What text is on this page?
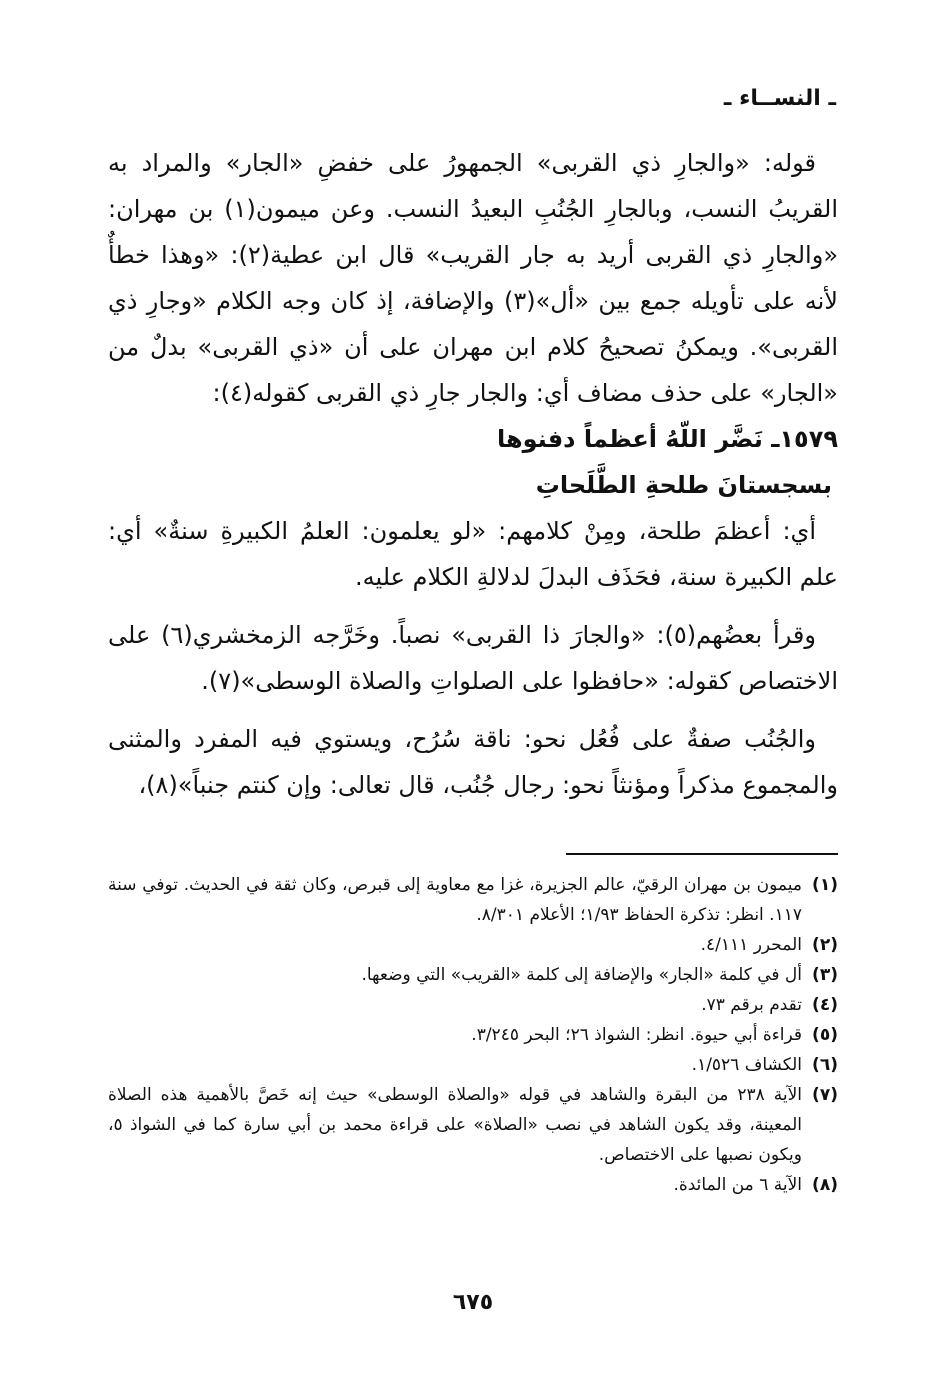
ـ النســاء ـ

قوله: «والجارِ ذي القربى» الجمهورُ على خفضِ «الجار» والمراد به القريبُ النسب، وبالجارِ الجُنُبِ البعيدُ النسب. وعن ميمون(١) بن مهران: «والجارِ ذي القربى أريد به جار القريب» قال ابن عطية(٢): «وهذا خطأٌ لأنه على تأويله جمع بين «أل»(٣) والإضافة، إذ كان وجه الكلام «وجارِ ذي القربى». ويمكنُ تصحيحُ كلام ابن مهران على أن «ذي القربى» بدلٌ من «الجار» على حذف مضاف أي: والجار جارِ ذي القربى كقوله(٤):

١٥٧٩ـ نَضَّر اللّهُ أعظماً دفنوها

بسجستانَ طلحةِ الطَّلَحاتِ

أي: أعظمَ طلحة، ومِنْ كلامهم: «لو يعلمون: العلمُ الكبيرةِ سنةٌ» أي: علم الكبيرة سنة، فحَذَف البدلَ لدلالةِ الكلام عليه.

وقرأ بعضُهم(٥): «والجارَ ذا القربى» نصباً. وخَرَّجه الزمخشري(٦) على الاختصاص كقوله: «حافظوا على الصلواتِ والصلاة الوسطى»(٧).

والجُنُب صفةٌ على فُعُل نحو: ناقة سُرُح، ويستوي فيه المفرد والمثنى والمجموع مذكراً ومؤنثاً نحو: رجال جُنُب، قال تعالى: وإن كنتم جنباً»(٨)،

(١)
ميمون بن مهران الرقيّ، عالم الجزيرة، غزا مع معاوية إلى قبرص، وكان ثقة في الحديث. توفي سنة ١١٧. انظر: تذكرة الحفاظ ١/٩٣؛ الأعلام ٨/٣٠١.
(٢)
المحرر ٤/١١١.
(٣)
أل في كلمة «الجار» والإضافة إلى كلمة «القريب» التي وضعها.
(٤)
تقدم برقم ٧٣.
(٥)
قراءة أبي حيوة. انظر: الشواذ ٢٦؛ البحر ٣/٢٤٥.
(٦)
الكشاف ١/٥٢٦.
(٧)
الآية ٢٣٨ من البقرة والشاهد في قوله «والصلاة الوسطى» حيث إنه خَصَّ بالأهمية هذه الصلاة المعينة، وقد يكون الشاهد في نصب «الصلاة» على قراءة محمد بن أبي سارة كما في الشواذ ٥، ويكون نصبها على الاختصاص.
(٨)
الآية ٦ من المائدة.
٦٧٥
